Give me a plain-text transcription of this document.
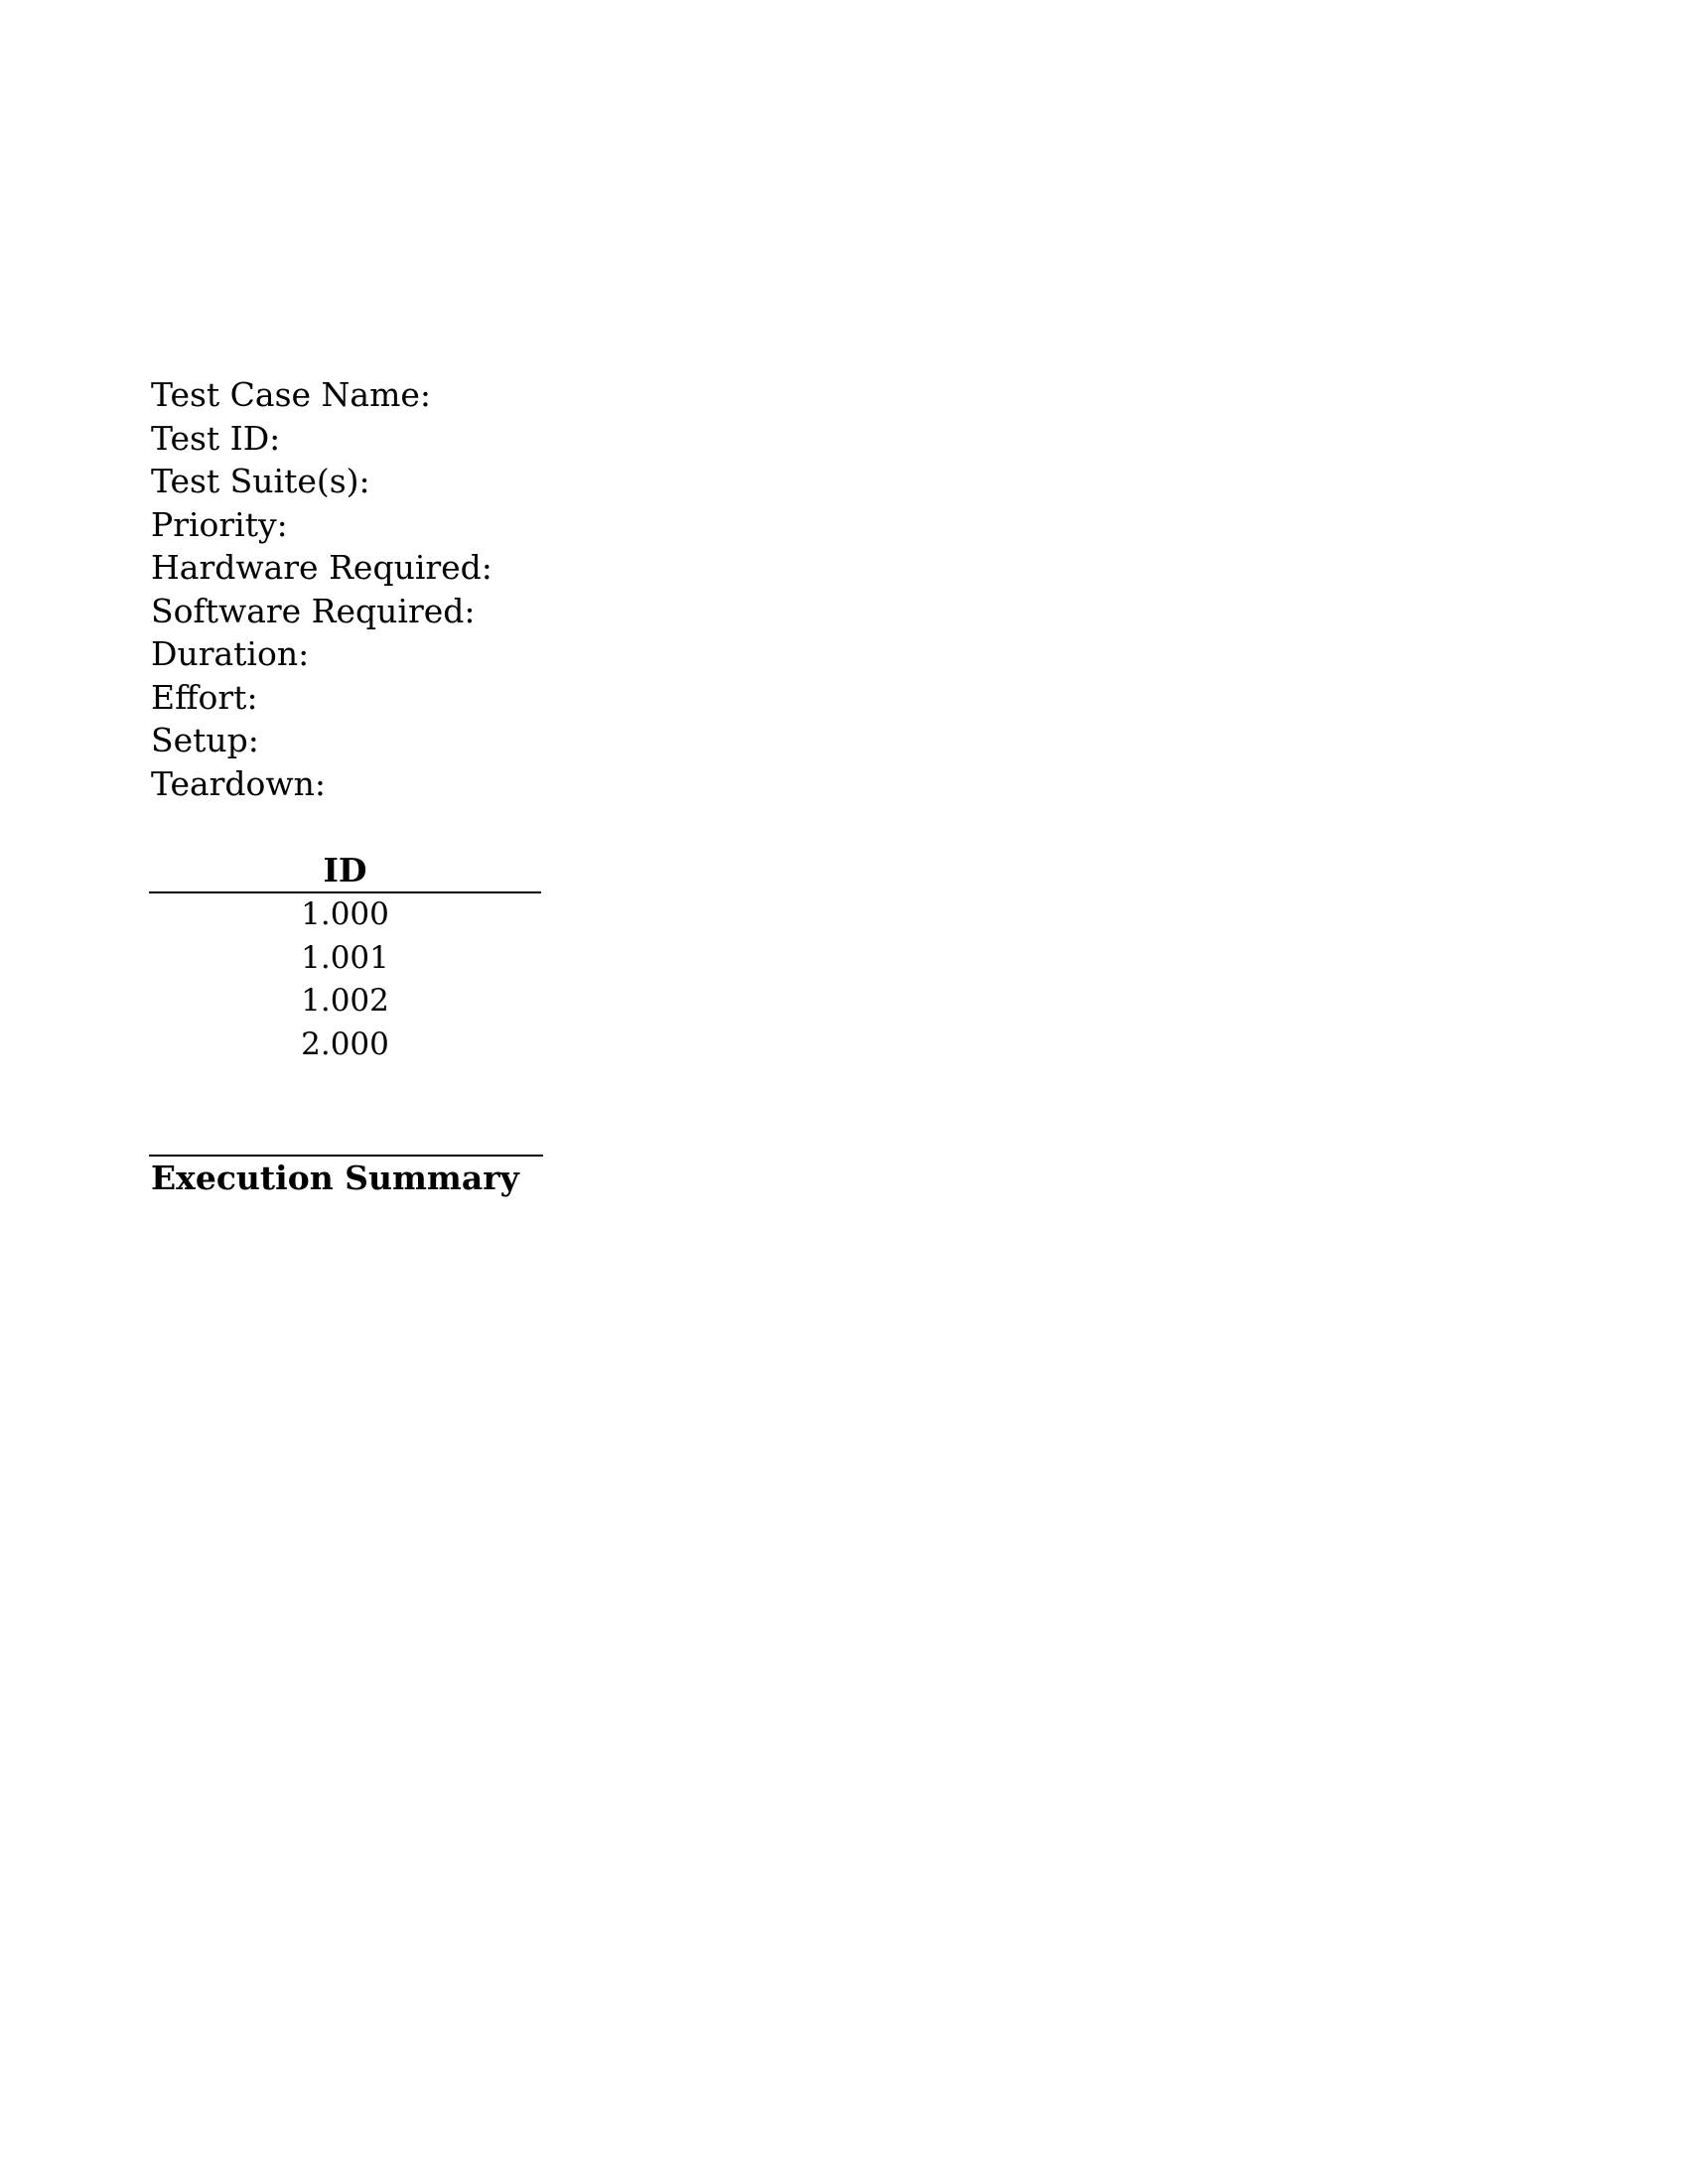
Test Case Name:
Test ID:
Test Suite(s):
Priority:
Hardware Required:
Software Required:
Duration:
Effort:
Setup:
Teardown:
ID
1.000
1.001
1.002
2.000
Execution Summary
